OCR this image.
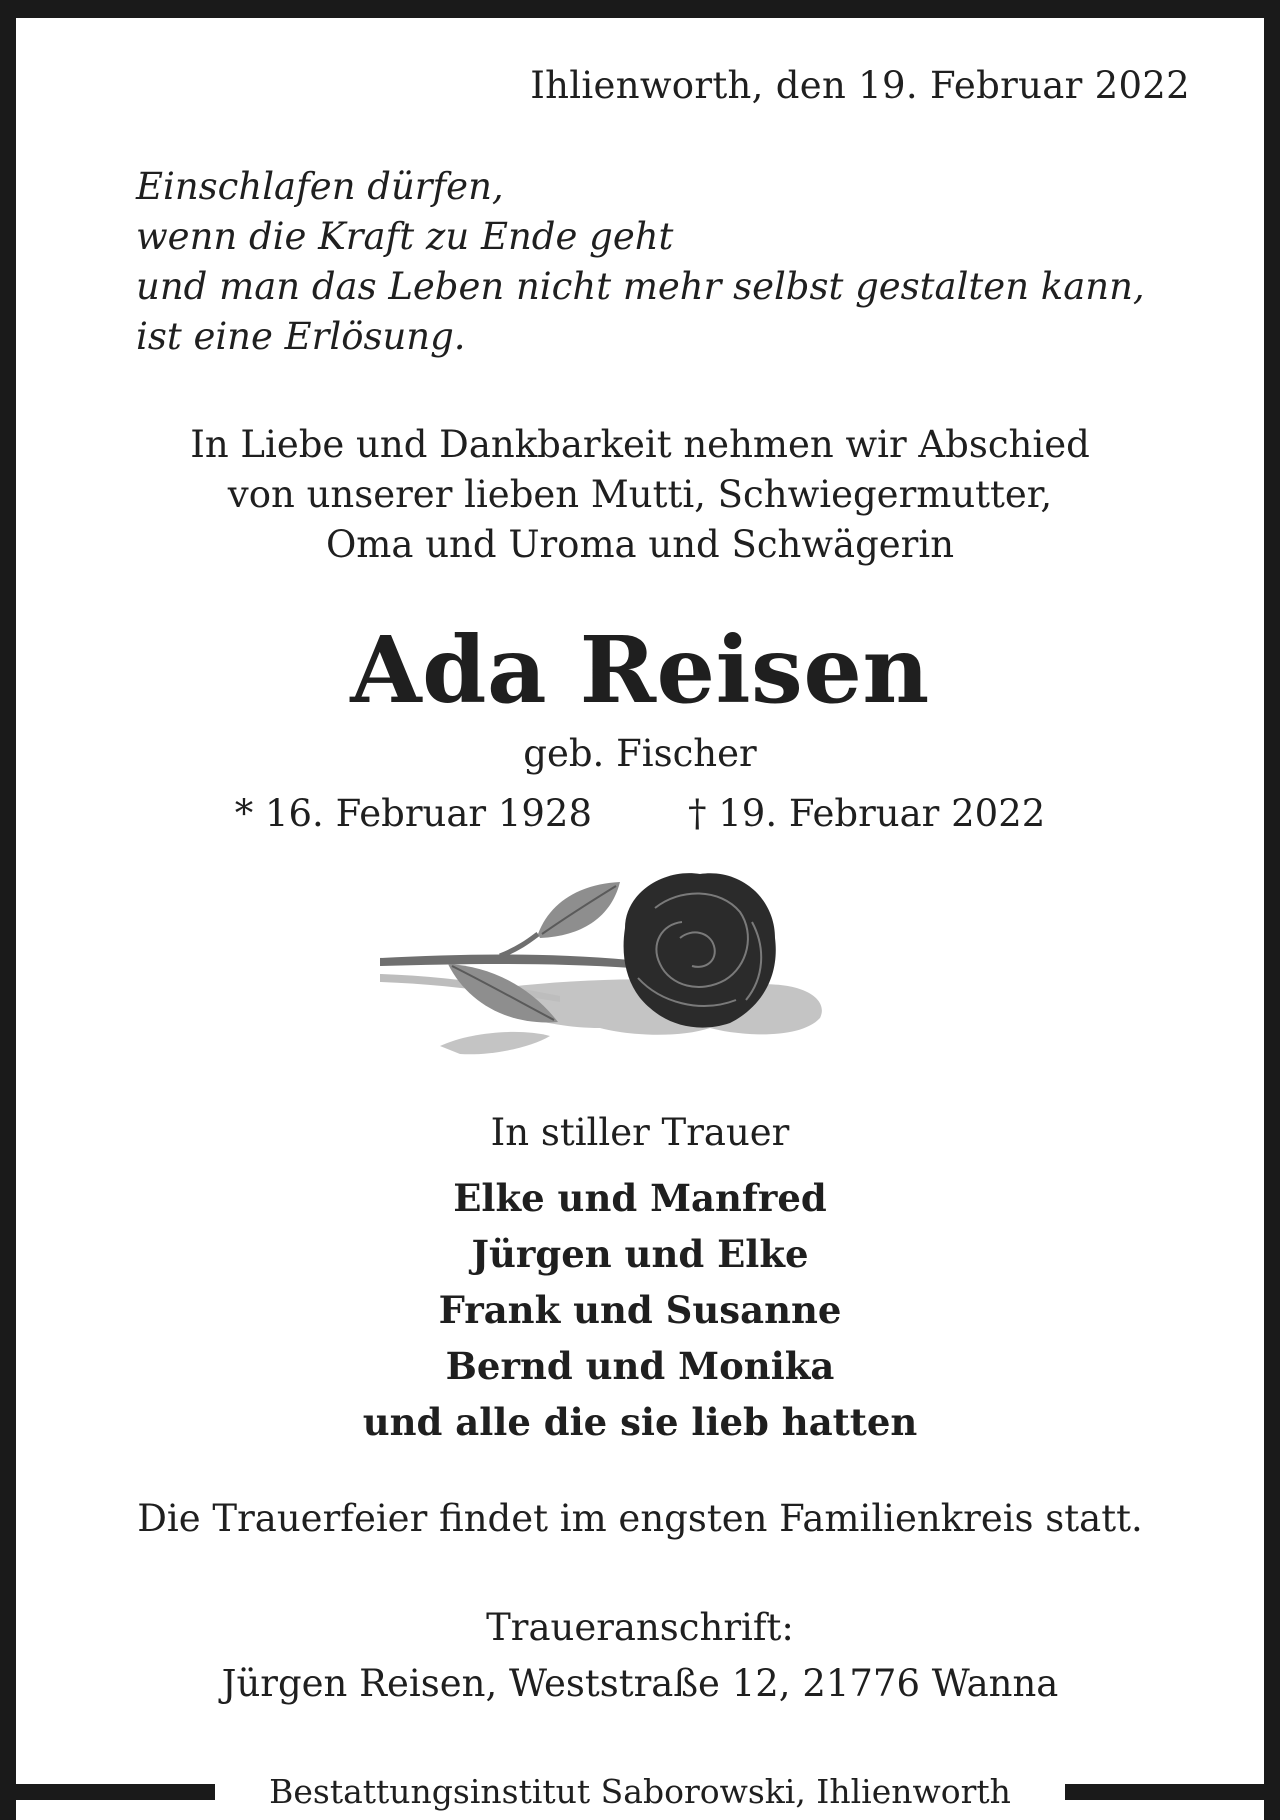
Ihlienworth, den 19. Februar 2022
Einschlafen dürfen,
wenn die Kraft zu Ende geht
und man das Leben nicht mehr selbst gestalten kann,
ist eine Erlösung.
In Liebe und Dankbarkeit nehmen wir Abschied
von unserer lieben Mutti, Schwiegermutter,
Oma und Uroma und Schwägerin
Ada Reisen
geb. Fischer
* 16. Februar 1928	† 19. Februar 2022
In stiller Trauer
Elke und Manfred
Jürgen und Elke
Frank und Susanne
Bernd und Monika
und alle die sie lieb hatten
Die Trauerfeier findet im engsten Familienkreis statt.
Traueranschrift:
Jürgen Reisen, Weststraße 12, 21776 Wanna
Bestattungsinstitut Saborowski, Ihlienworth
